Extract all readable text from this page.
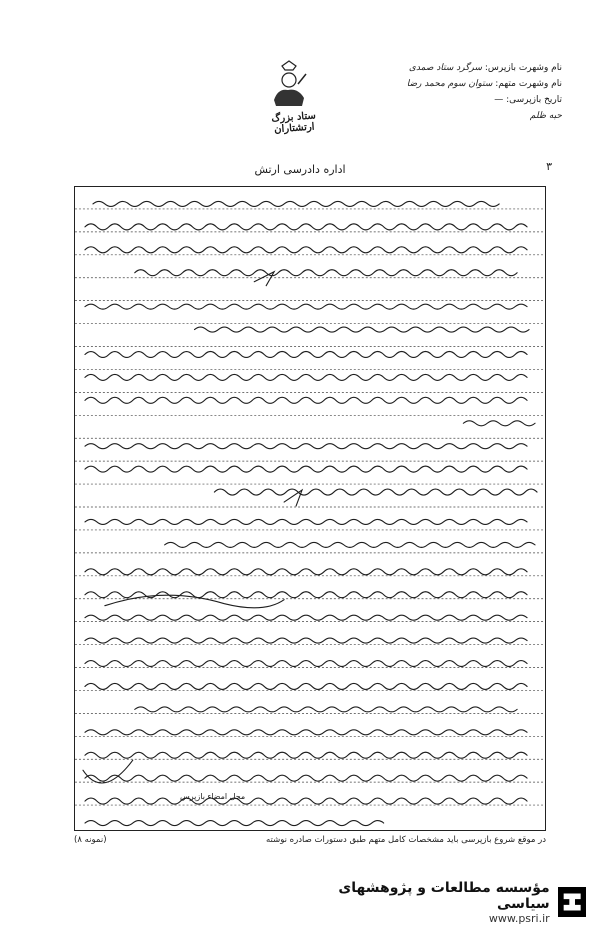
ستاد بزرگ ارتشتاران
نام وشهرت بازپرس: سرگرد ستاد صمدی
نام وشهرت متهم: ستوان سوم محمد رضا
تاریخ بازپرسی: —
حبه ظلم
۳
اداره دادرسی ارتش
محل امضاء بازپرس
در موقع شروع بازپرسی باید مشخصات کامل متهم طبق دستورات صادره نوشته
(نمونه ۸)
مؤسسه مطالعات و پژوهشهای سیاسی
www.psri.ir
